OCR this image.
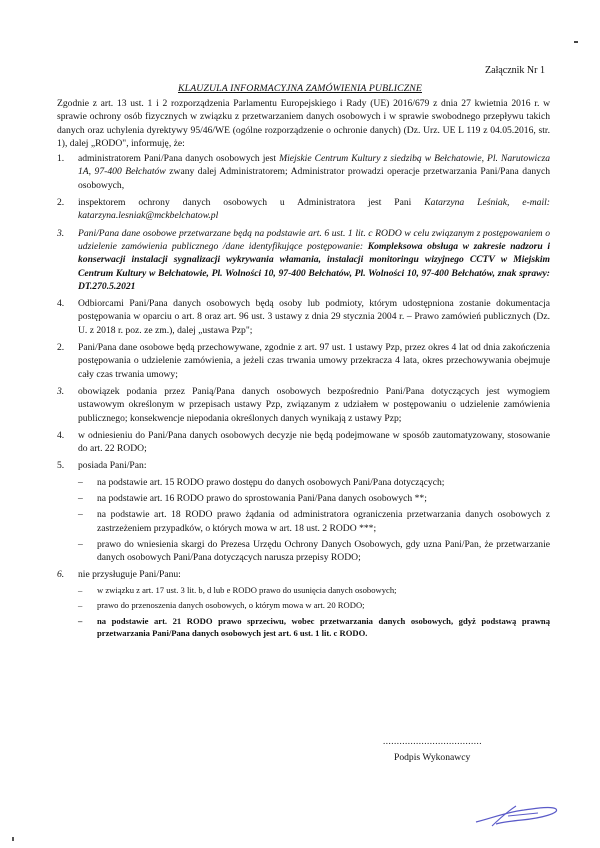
Załącznik Nr 1
KLAUZULA INFORMACYJNA ZAMÓWIENIA PUBLICZNE

Zgodnie z art. 13 ust. 1 i 2 rozporządzenia Parlamentu Europejskiego i Rady (UE) 2016/679 z dnia 27 kwietnia 2016 r. w sprawie ochrony osób fizycznych w związku z przetwarzaniem danych osobowych i w sprawie swobodnego przepływu takich danych oraz uchylenia dyrektywy 95/46/WE (ogólne rozporządzenie o ochronie danych) (Dz. Urz. UE L 119 z 04.05.2016, str. 1), dalej „RODO", informuję, że:

1.	administratorem Pani/Pana danych osobowych jest Miejskie Centrum Kultury z siedzibą w Bełchatowie, Pl. Narutowicza 1A, 97-400 Bełchatów zwany dalej Administratorem; Administrator prowadzi operacje przetwarzania Pani/Pana danych osobowych,
2.	inspektorem ochrony danych osobowych u Administratora jest Pani Katarzyna Leśniak, e-mail: katarzyna.lesniak@mckbelchatow.pl
3.	Pani/Pana dane osobowe przetwarzane będą na podstawie art. 6 ust. 1 lit. c RODO w celu związanym z postępowaniem o udzielenie zamówienia publicznego /dane identyfikujące postępowanie: Kompleksowa obsługa w zakresie nadzoru i konserwacji instalacji sygnalizacji wykrywania włamania, instalacji monitoringu wizyjnego CCTV w Miejskim Centrum Kultury w Bełchatowie, Pl. Wolności 10, 97-400 Bełchatów, Pl. Wolności 10, 97-400 Bełchatów, znak sprawy: DT.270.5.2021
4.	Odbiorcami Pani/Pana danych osobowych będą osoby lub podmioty, którym udostępniona zostanie dokumentacja postępowania w oparciu o art. 8 oraz art. 96 ust. 3 ustawy z dnia 29 stycznia 2004 r. – Prawo zamówień publicznych (Dz. U. z 2018 r. poz. ze zm.), dalej „ustawa Pzp";
2.	Pani/Pana dane osobowe będą przechowywane, zgodnie z art. 97 ust. 1 ustawy Pzp, przez okres 4 lat od dnia zakończenia postępowania o udzielenie zamówienia, a jeżeli czas trwania umowy przekracza 4 lata, okres przechowywania obejmuje cały czas trwania umowy;
3.	obowiązek podania przez Panią/Pana danych osobowych bezpośrednio Pani/Pana dotyczących jest wymogiem ustawowym określonym w przepisach ustawy Pzp, związanym z udziałem w postępowaniu o udzielenie zamówienia publicznego; konsekwencje niepodania określonych danych wynikają z ustawy Pzp;
4.	w odniesieniu do Pani/Pana danych osobowych decyzje nie będą podejmowane w sposób zautomatyzowany, stosowanie do art. 22 RODO;
5.	posiada Pani/Pan:
–	na podstawie art. 15 RODO prawo dostępu do danych osobowych Pani/Pana dotyczących;
–	na podstawie art. 16 RODO prawo do sprostowania Pani/Pana danych osobowych **;
–	na podstawie art. 18 RODO prawo żądania od administratora ograniczenia przetwarzania danych osobowych z zastrzeżeniem przypadków, o których mowa w art. 18 ust. 2 RODO ***;
–	prawo do wniesienia skargi do Prezesa Urzędu Ochrony Danych Osobowych, gdy uzna Pani/Pan, że przetwarzanie danych osobowych Pani/Pana dotyczących narusza przepisy RODO;
6.	nie przysługuje Pani/Panu:
–	w związku z art. 17 ust. 3 lit. b, d lub e RODO prawo do usunięcia danych osobowych;
–	prawo do przenoszenia danych osobowych, o którym mowa w art. 20 RODO;
–	na podstawie art. 21 RODO prawo sprzeciwu, wobec przetwarzania danych osobowych, gdyż podstawą prawną przetwarzania Pani/Pana danych osobowych jest art. 6 ust. 1 lit. c RODO.
....................................
Podpis Wykonawcy
